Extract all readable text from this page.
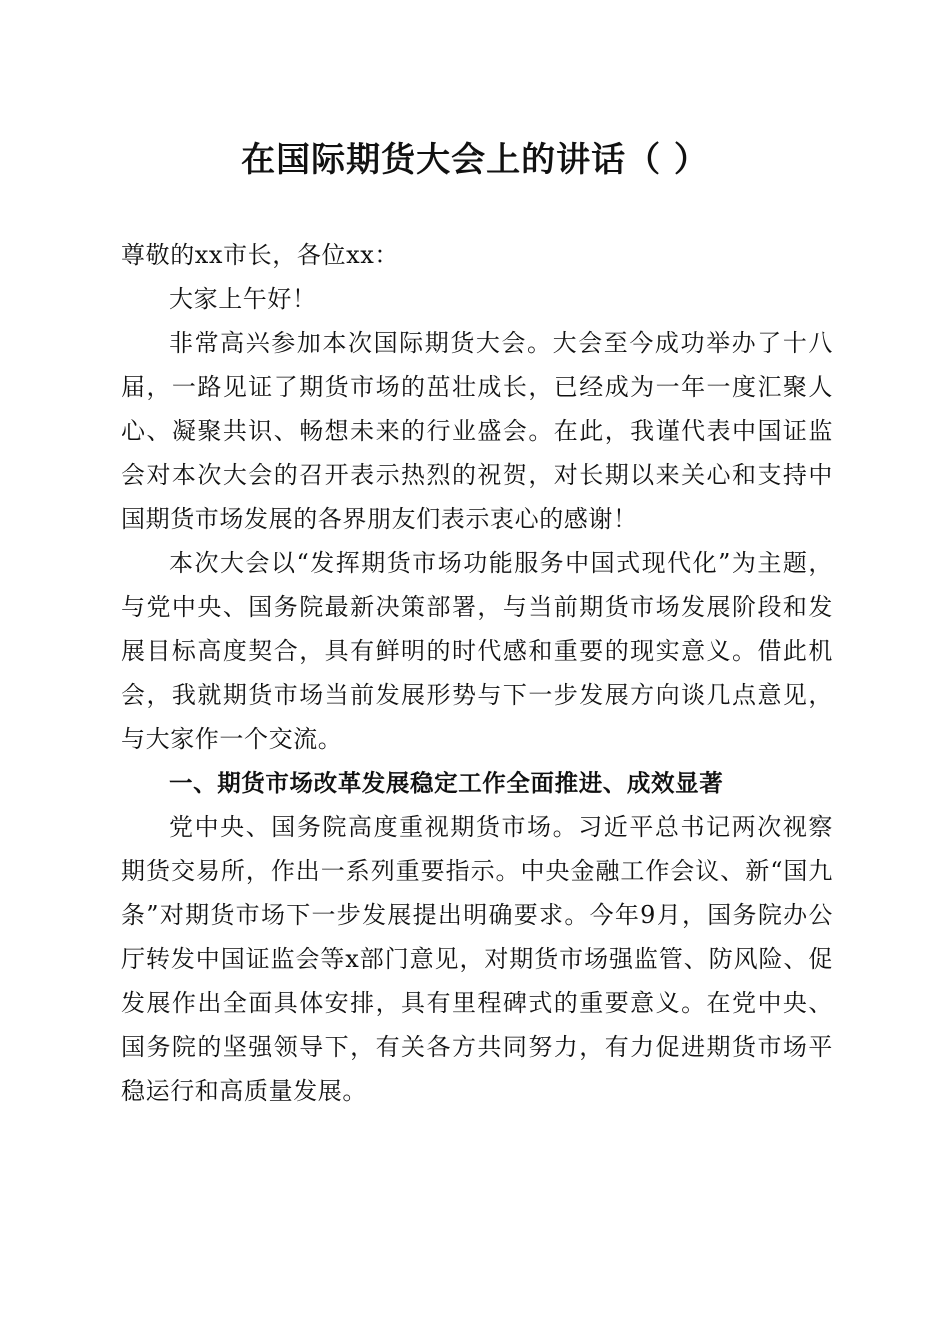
在国际期货大会上的讲话（ ）

尊敬的xx市长，各位xx：

大家上午好！

非常高兴参加本次国际期货大会。大会至今成功举办了十八届，一路见证了期货市场的茁壮成长，已经成为一年一度汇聚人心、凝聚共识、畅想未来的行业盛会。在此，我谨代表中国证监会对本次大会的召开表示热烈的祝贺，对长期以来关心和支持中国期货市场发展的各界朋友们表示衷心的感谢！

本次大会以“发挥期货市场功能服务中国式现代化”为主题，与党中央、国务院最新决策部署，与当前期货市场发展阶段和发展目标高度契合，具有鲜明的时代感和重要的现实意义。借此机会，我就期货市场当前发展形势与下一步发展方向谈几点意见，与大家作一个交流。

一、期货市场改革发展稳定工作全面推进、成效显著

党中央、国务院高度重视期货市场。习近平总书记两次视察期货交易所，作出一系列重要指示。中央金融工作会议、新“国九条”对期货市场下一步发展提出明确要求。今年9月，国务院办公厅转发中国证监会等x部门意见，对期货市场强监管、防风险、促发展作出全面具体安排，具有里程碑式的重要意义。在党中央、国务院的坚强领导下，有关各方共同努力，有力促进期货市场平稳运行和高质量发展。
